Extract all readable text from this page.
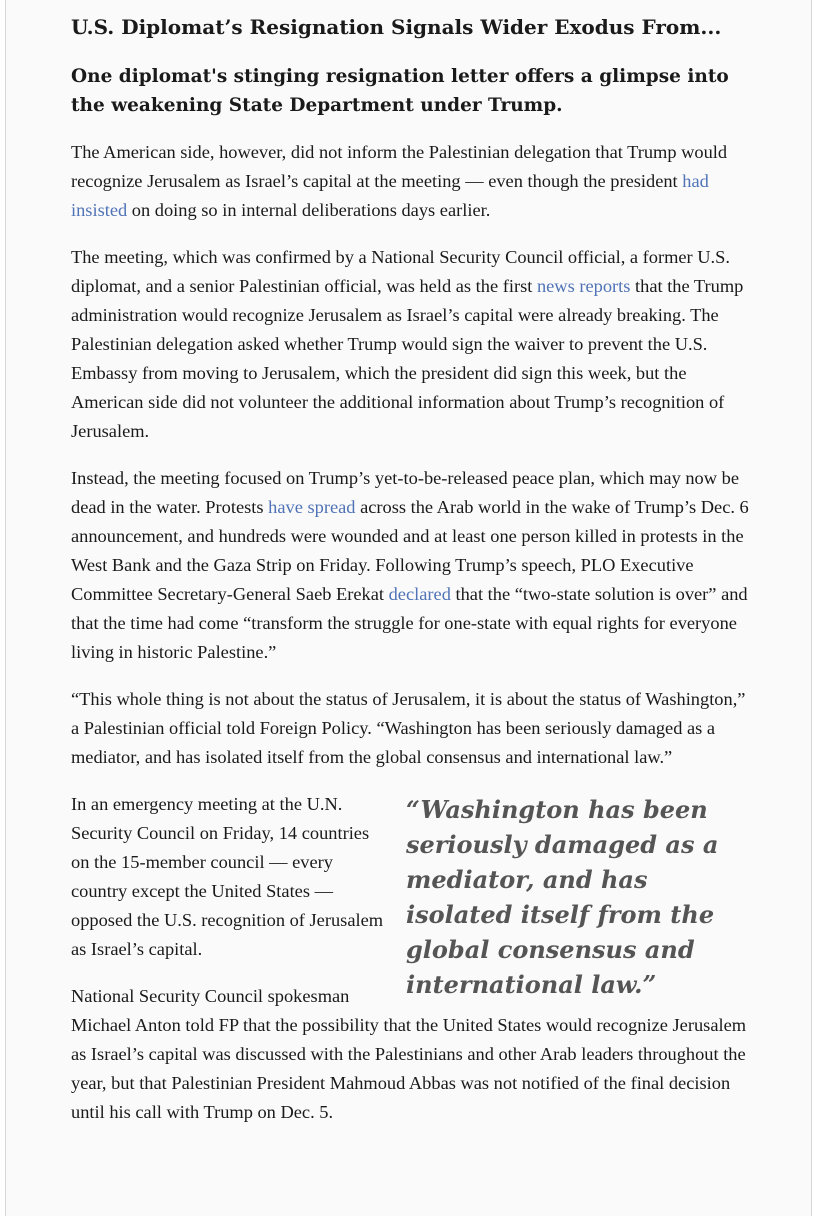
U.S. Diplomat’s Resignation Signals Wider Exodus From...
One diplomat's stinging resignation letter offers a glimpse into the weakening State Department under Trump.

The American side, however, did not inform the Palestinian delegation that Trump would recognize Jerusalem as Israel’s capital at the meeting — even though the president had insisted on doing so in internal deliberations days earlier.

The meeting, which was confirmed by a National Security Council official, a former U.S. diplomat, and a senior Palestinian official, was held as the first news reports that the Trump administration would recognize Jerusalem as Israel’s capital were already breaking. The Palestinian delegation asked whether Trump would sign the waiver to prevent the U.S. Embassy from moving to Jerusalem, which the president did sign this week, but the American side did not volunteer the additional information about Trump’s recognition of Jerusalem.

Instead, the meeting focused on Trump’s yet-to-be-released peace plan, which may now be dead in the water. Protests have spread across the Arab world in the wake of Trump’s Dec. 6 announcement, and hundreds were wounded and at least one person killed in protests in the West Bank and the Gaza Strip on Friday. Following Trump’s speech, PLO Executive Committee Secretary-General Saeb Erekat declared that the “two-state solution is over” and that the time had come “transform the struggle for one-state with equal rights for everyone living in historic Palestine.”

“This whole thing is not about the status of Jerusalem, it is about the status of Washington,” a Palestinian official told Foreign Policy. “Washington has been seriously damaged as a mediator, and has isolated itself from the global consensus and international law.”

“Washington has been seriously damaged as a mediator, and has isolated itself from the global consensus and international law.”

In an emergency meeting at the U.N. Security Council on Friday, 14 countries on the 15-member council — every country except the United States — opposed the U.S. recognition of Jerusalem as Israel’s capital.

National Security Council spokesman Michael Anton told FP that the possibility that the United States would recognize Jerusalem as Israel’s capital was discussed with the Palestinians and other Arab leaders throughout the year, but that Palestinian President Mahmoud Abbas was not notified of the final decision until his call with Trump on Dec. 5.
